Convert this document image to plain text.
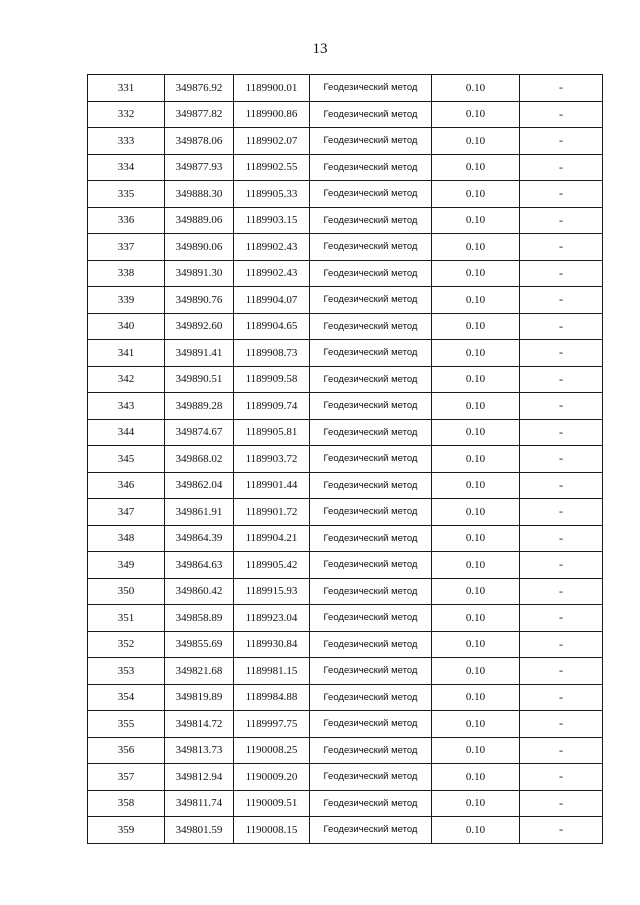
13
331	349876.92	1189900.01	Геодезический метод	0.10	-
332	349877.82	1189900.86	Геодезический метод	0.10	-
333	349878.06	1189902.07	Геодезический метод	0.10	-
334	349877.93	1189902.55	Геодезический метод	0.10	-
335	349888.30	1189905.33	Геодезический метод	0.10	-
336	349889.06	1189903.15	Геодезический метод	0.10	-
337	349890.06	1189902.43	Геодезический метод	0.10	-
338	349891.30	1189902.43	Геодезический метод	0.10	-
339	349890.76	1189904.07	Геодезический метод	0.10	-
340	349892.60	1189904.65	Геодезический метод	0.10	-
341	349891.41	1189908.73	Геодезический метод	0.10	-
342	349890.51	1189909.58	Геодезический метод	0.10	-
343	349889.28	1189909.74	Геодезический метод	0.10	-
344	349874.67	1189905.81	Геодезический метод	0.10	-
345	349868.02	1189903.72	Геодезический метод	0.10	-
346	349862.04	1189901.44	Геодезический метод	0.10	-
347	349861.91	1189901.72	Геодезический метод	0.10	-
348	349864.39	1189904.21	Геодезический метод	0.10	-
349	349864.63	1189905.42	Геодезический метод	0.10	-
350	349860.42	1189915.93	Геодезический метод	0.10	-
351	349858.89	1189923.04	Геодезический метод	0.10	-
352	349855.69	1189930.84	Геодезический метод	0.10	-
353	349821.68	1189981.15	Геодезический метод	0.10	-
354	349819.89	1189984.88	Геодезический метод	0.10	-
355	349814.72	1189997.75	Геодезический метод	0.10	-
356	349813.73	1190008.25	Геодезический метод	0.10	-
357	349812.94	1190009.20	Геодезический метод	0.10	-
358	349811.74	1190009.51	Геодезический метод	0.10	-
359	349801.59	1190008.15	Геодезический метод	0.10	-
